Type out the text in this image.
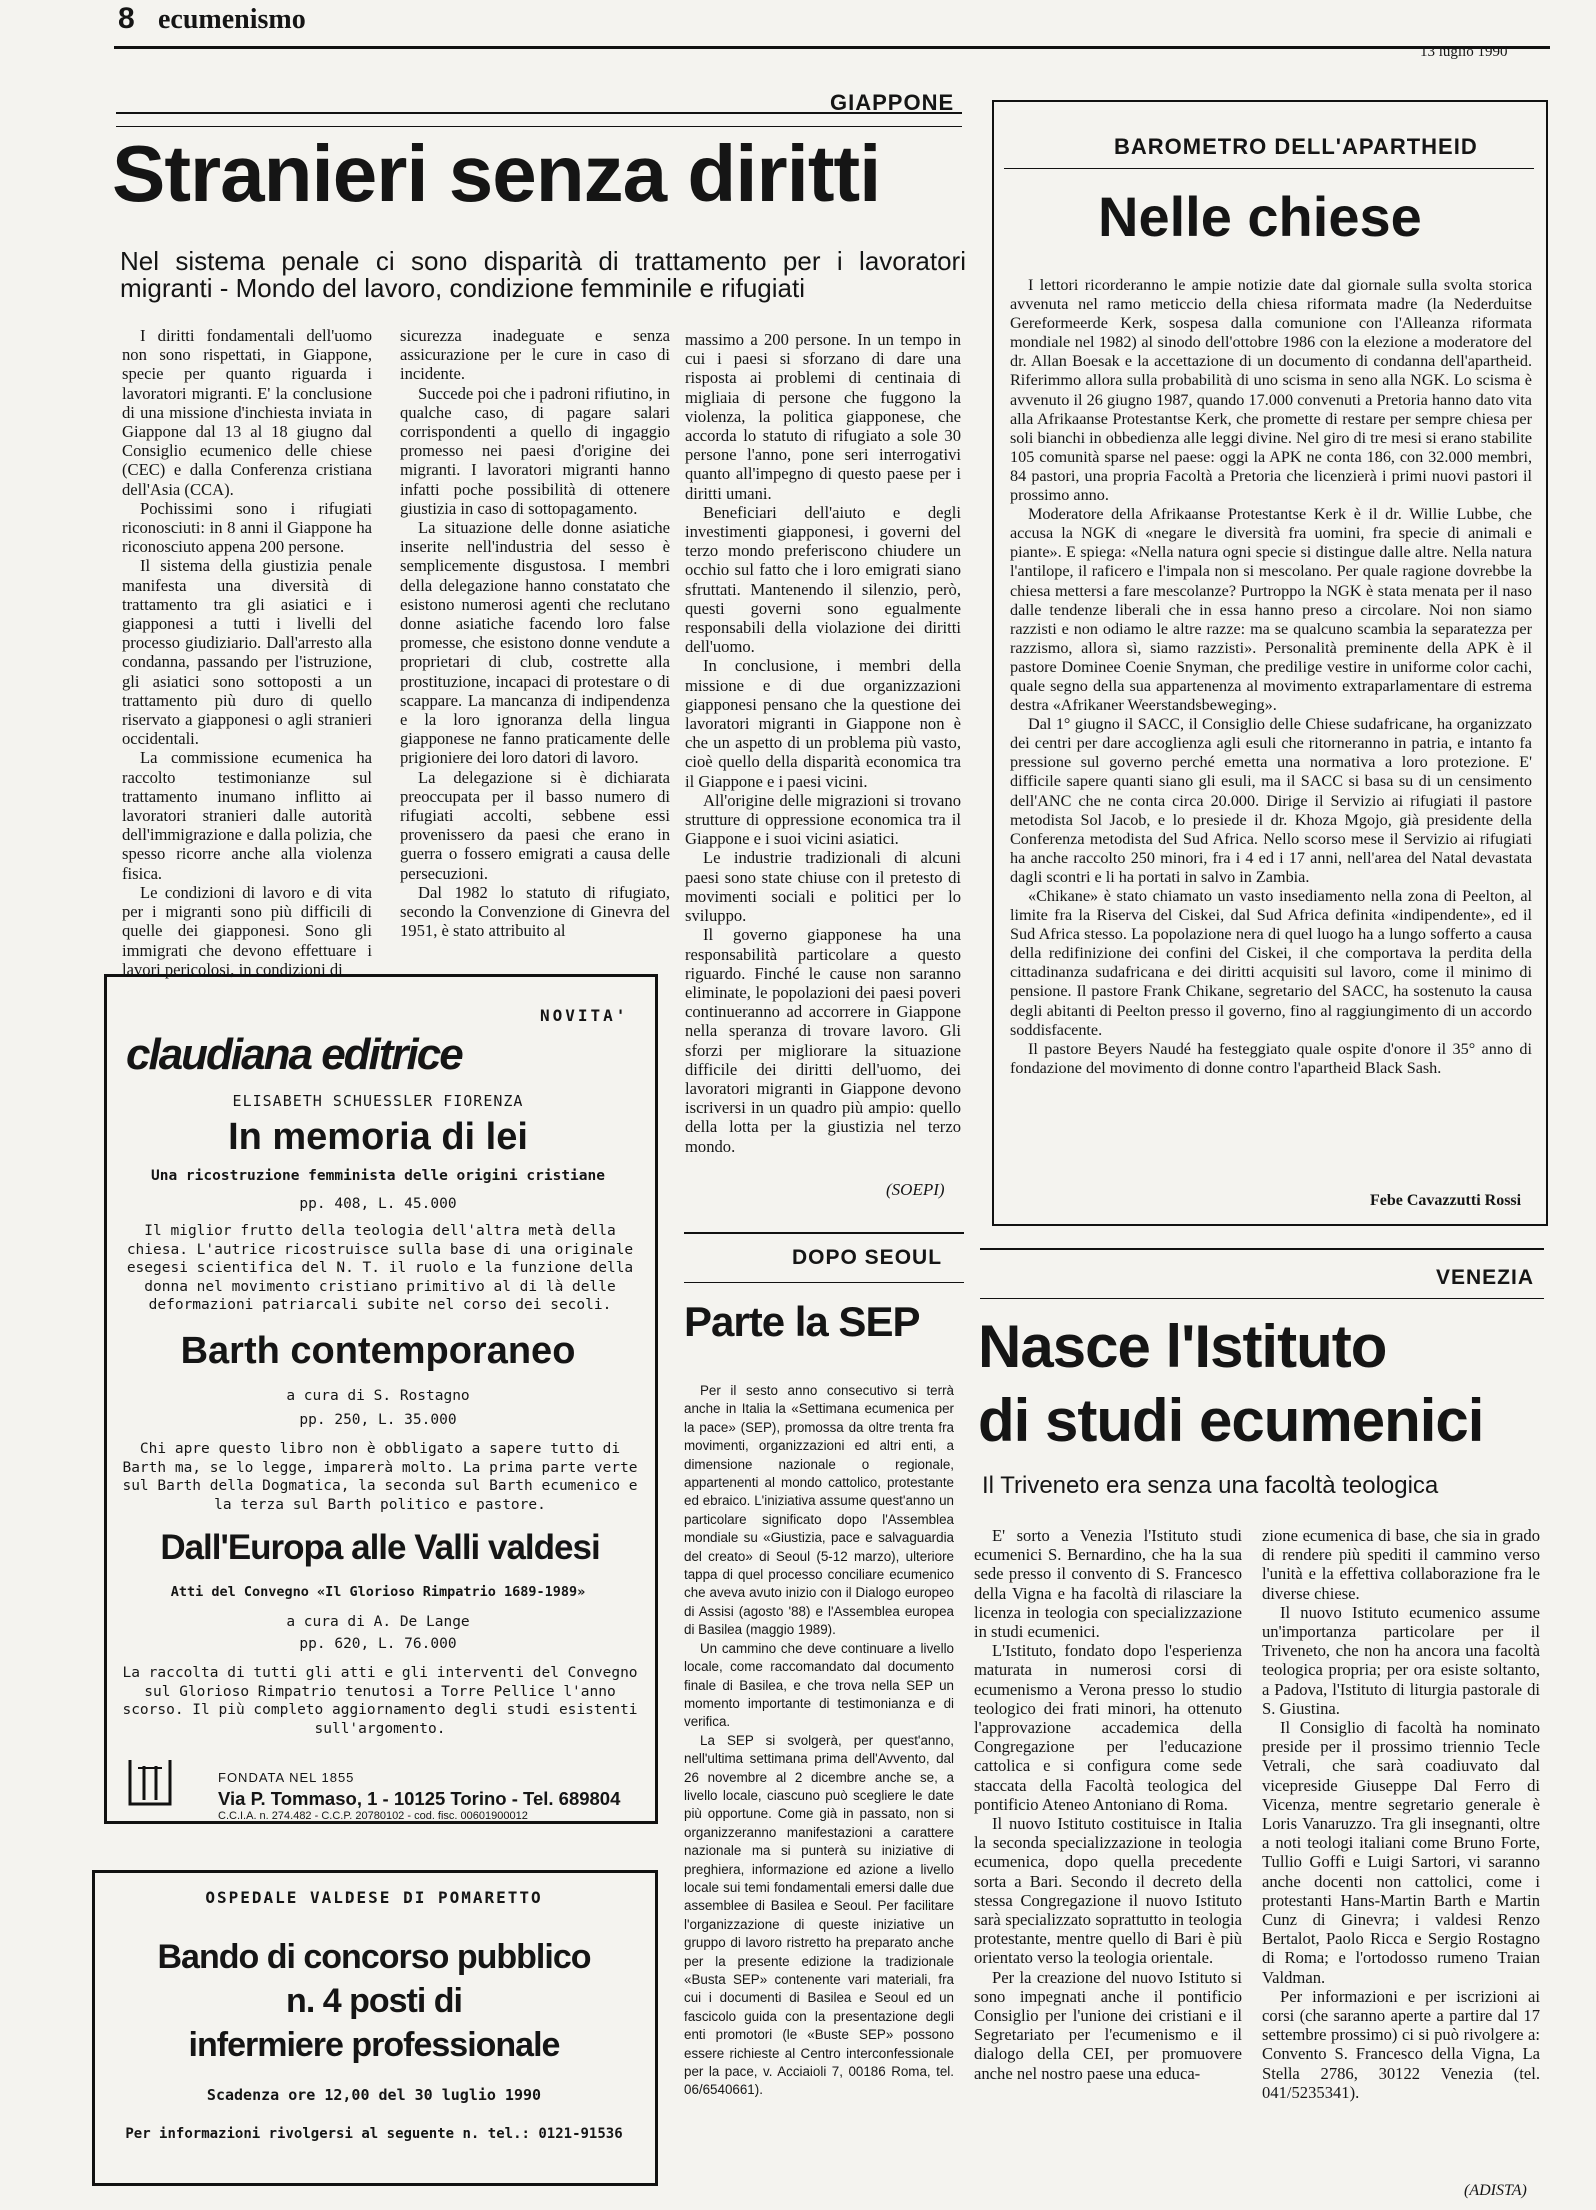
8 ecumenismo
13 luglio 1990
GIAPPONE
Stranieri senza diritti
Nel sistema penale ci sono disparità di trattamento per i lavoratori migranti - Mondo del lavoro, condizione femminile e rifugiati

I diritti fondamentali dell'uomo non sono rispettati, in Giappone, specie per quanto riguarda i lavoratori migranti. E' la conclusione di una missione d'inchiesta inviata in Giappone dal 13 al 18 giugno dal Consiglio ecumenico delle chiese (CEC) e dalla Conferenza cristiana dell'Asia (CCA).

Pochissimi sono i rifugiati riconosciuti: in 8 anni il Giappone ha riconosciuto appena 200 persone.

Il sistema della giustizia penale manifesta una diversità di trattamento tra gli asiatici e i giapponesi a tutti i livelli del processo giudiziario. Dall'arresto alla condanna, passando per l'istruzione, gli asiatici sono sottoposti a un trattamento più duro di quello riservato a giapponesi o agli stranieri occidentali.

La commissione ecumenica ha raccolto testimonianze sul trattamento inumano inflitto ai lavoratori stranieri dalle autorità dell'immigrazione e dalla polizia, che spesso ricorre anche alla violenza fisica.

Le condizioni di lavoro e di vita per i migranti sono più difficili di quelle dei giapponesi. Sono gli immigrati che devono effettuare i lavori pericolosi, in condizioni di

sicurezza inadeguate e senza assicurazione per le cure in caso di incidente.

Succede poi che i padroni rifiutino, in qualche caso, di pagare salari corrispondenti a quello di ingaggio promesso nei paesi d'origine dei migranti. I lavoratori migranti hanno infatti poche possibilità di ottenere giustizia in caso di sottopagamento.

La situazione delle donne asiatiche inserite nell'industria del sesso è semplicemente disgustosa. I membri della delegazione hanno constatato che esistono numerosi agenti che reclutano donne asiatiche facendo loro false promesse, che esistono donne vendute a proprietari di club, costrette alla prostituzione, incapaci di protestare o di scappare. La mancanza di indipendenza e la loro ignoranza della lingua giapponese ne fanno praticamente delle prigioniere dei loro datori di lavoro.

La delegazione si è dichiarata preoccupata per il basso numero di rifugiati accolti, sebbene essi provenissero da paesi che erano in guerra o fossero emigrati a causa delle persecuzioni.

Dal 1982 lo statuto di rifugiato, secondo la Convenzione di Ginevra del 1951, è stato attribuito al

massimo a 200 persone. In un tempo in cui i paesi si sforzano di dare una risposta ai problemi di centinaia di migliaia di persone che fuggono la violenza, la politica giapponese, che accorda lo statuto di rifugiato a sole 30 persone l'anno, pone seri interrogativi quanto all'impegno di questo paese per i diritti umani.

Beneficiari dell'aiuto e degli investimenti giapponesi, i governi del terzo mondo preferiscono chiudere un occhio sul fatto che i loro emigrati siano sfruttati. Mantenendo il silenzio, però, questi governi sono egualmente responsabili della violazione dei diritti dell'uomo.

In conclusione, i membri della missione e di due organizzazioni giapponesi pensano che la questione dei lavoratori migranti in Giappone non è che un aspetto di un problema più vasto, cioè quello della disparità economica tra il Giappone e i paesi vicini.

All'origine delle migrazioni si trovano strutture di oppressione economica tra il Giappone e i suoi vicini asiatici.

Le industrie tradizionali di alcuni paesi sono state chiuse con il pretesto di movimenti sociali e politici per lo sviluppo.

Il governo giapponese ha una responsabilità particolare a questo riguardo. Finché le cause non saranno eliminate, le popolazioni dei paesi poveri continueranno ad accorrere in Giappone nella speranza di trovare lavoro. Gli sforzi per migliorare la situazione difficile dei diritti dell'uomo, dei lavoratori migranti in Giappone devono iscriversi in un quadro più ampio: quello della lotta per la giustizia nel terzo mondo.

(SOEPI)
BAROMETRO DELL'APARTHEID
Nelle chiese

I lettori ricorderanno le ampie notizie date dal giornale sulla svolta storica avvenuta nel ramo meticcio della chiesa riformata madre (la Nederduitse Gereformeerde Kerk, sospesa dalla comunione con l'Alleanza riformata mondiale nel 1982) al sinodo dell'ottobre 1986 con la elezione a moderatore del dr. Allan Boesak e la accettazione di un documento di condanna dell'apartheid. Riferimmo allora sulla probabilità di uno scisma in seno alla NGK. Lo scisma è avvenuto il 26 giugno 1987, quando 17.000 convenuti a Pretoria hanno dato vita alla Afrikaanse Protestantse Kerk, che promette di restare per sempre chiesa per soli bianchi in obbedienza alle leggi divine. Nel giro di tre mesi si erano stabilite 105 comunità sparse nel paese: oggi la APK ne conta 186, con 32.000 membri, 84 pastori, una propria Facoltà a Pretoria che licenzierà i primi nuovi pastori il prossimo anno.

Moderatore della Afrikaanse Protestantse Kerk è il dr. Willie Lubbe, che accusa la NGK di «negare le diversità fra uomini, fra specie di animali e piante». E spiega: «Nella natura ogni specie si distingue dalle altre. Nella natura l'antilope, il raficero e l'impala non si mescolano. Per quale ragione dovrebbe la chiesa mettersi a fare mescolanze? Purtroppo la NGK è stata menata per il naso dalle tendenze liberali che in essa hanno preso a circolare. Noi non siamo razzisti e non odiamo le altre razze: ma se qualcuno scambia la separatezza per razzismo, allora sì, siamo razzisti». Personalità preminente della APK è il pastore Dominee Coenie Snyman, che predilige vestire in uniforme color cachi, quale segno della sua appartenenza al movimento extraparlamentare di estrema destra «Afrikaner Weerstandsbeweging».

Dal 1° giugno il SACC, il Consiglio delle Chiese sudafricane, ha organizzato dei centri per dare accoglienza agli esuli che ritorneranno in patria, e intanto fa pressione sul governo perché emetta una normativa a loro protezione. E' difficile sapere quanti siano gli esuli, ma il SACC si basa su di un censimento dell'ANC che ne conta circa 20.000. Dirige il Servizio ai rifugiati il pastore metodista Sol Jacob, e lo presiede il dr. Khoza Mgojo, già presidente della Conferenza metodista del Sud Africa. Nello scorso mese il Servizio ai rifugiati ha anche raccolto 250 minori, fra i 4 ed i 17 anni, nell'area del Natal devastata dagli scontri e li ha portati in salvo in Zambia.

«Chikane» è stato chiamato un vasto insediamento nella zona di Peelton, al limite fra la Riserva del Ciskei, dal Sud Africa definita «indipendente», ed il Sud Africa stesso. La popolazione nera di quel luogo ha a lungo sofferto a causa della redifinizione dei confini del Ciskei, il che comportava la perdita della cittadinanza sudafricana e dei diritti acquisiti sul lavoro, come il minimo di pensione. Il pastore Frank Chikane, segretario del SACC, ha sostenuto la causa degli abitanti di Peelton presso il governo, fino al raggiungimento di un accordo soddisfacente.

Il pastore Beyers Naudé ha festeggiato quale ospite d'onore il 35° anno di fondazione del movimento di donne contro l'apartheid Black Sash.

Febe Cavazzutti Rossi
NOVITA'
claudiana editrice
ELISABETH SCHUESSLER FIORENZA
In memoria di lei
Una ricostruzione femminista delle origini cristiane
pp. 408, L. 45.000
Il miglior frutto della teologia dell'altra metà della chiesa. L'autrice ricostruisce sulla base di una originale esegesi scientifica del N. T. il ruolo e la funzione della donna nel movimento cristiano primitivo al di là delle deformazioni patriarcali subite nel corso dei secoli.
Barth contemporaneo
a cura di S. Rostagno
pp. 250, L. 35.000
Chi apre questo libro non è obbligato a sapere tutto di Barth ma, se lo legge, imparerà molto. La prima parte verte sul Barth della Dogmatica, la seconda sul Barth ecumenico e la terza sul Barth politico e pastore.
Dall'Europa alle Valli valdesi
Atti del Convegno «Il Glorioso Rimpatrio 1689-1989»
a cura di A. De Lange
pp. 620, L. 76.000
La raccolta di tutti gli atti e gli interventi del Convegno sul Glorioso Rimpatrio tenutosi a Torre Pellice l'anno scorso. Il più completo aggiornamento degli studi esistenti sull'argomento.
FONDATA NEL 1855
Via P. Tommaso, 1 - 10125 Torino - Tel. 689804
C.C.I.A. n. 274.482 - C.C.P. 20780102 - cod. fisc. 00601900012
OSPEDALE VALDESE DI POMARETTO
Bando di concorso pubblico
n. 4 posti di
infermiere professionale
Scadenza ore 12,00 del 30 luglio 1990
Per informazioni rivolgersi al seguente n. tel.: 0121-91536
DOPO SEOUL
Parte la SEP

Per il sesto anno consecutivo si terrà anche in Italia la «Settimana ecumenica per la pace» (SEP), promossa da oltre trenta fra movimenti, organizzazioni ed altri enti, a dimensione nazionale o regionale, appartenenti al mondo cattolico, protestante ed ebraico. L'iniziativa assume quest'anno un particolare significato dopo l'Assemblea mondiale su «Giustizia, pace e salvaguardia del creato» di Seoul (5-12 marzo), ulteriore tappa di quel processo conciliare ecumenico che aveva avuto inizio con il Dialogo europeo di Assisi (agosto '88) e l'Assemblea europea di Basilea (maggio 1989).

Un cammino che deve continuare a livello locale, come raccomandato dal documento finale di Basilea, e che trova nella SEP un momento importante di testimonianza e di verifica.

La SEP si svolgerà, per quest'anno, nell'ultima settimana prima dell'Avvento, dal 26 novembre al 2 dicembre anche se, a livello locale, ciascuno può scegliere le date più opportune. Come già in passato, non si organizzeranno manifestazioni a carattere nazionale ma si punterà su iniziative di preghiera, informazione ed azione a livello locale sui temi fondamentali emersi dalle due assemblee di Basilea e Seoul. Per facilitare l'organizzazione di queste iniziative un gruppo di lavoro ristretto ha preparato anche per la presente edizione la tradizionale «Busta SEP» contenente vari materiali, fra cui i documenti di Basilea e Seoul ed un fascicolo guida con la presentazione degli enti promotori (le «Buste SEP» possono essere richieste al Centro interconfessionale per la pace, v. Acciaioli 7, 00186 Roma, tel. 06/6540661).

VENEZIA
Nasce l'Istituto
di studi ecumenici
Il Triveneto era senza una facoltà teologica

E' sorto a Venezia l'Istituto studi ecumenici S. Bernardino, che ha la sua sede presso il convento di S. Francesco della Vigna e ha facoltà di rilasciare la licenza in teologia con specializzazione in studi ecumenici.

L'Istituto, fondato dopo l'esperienza maturata in numerosi corsi di ecumenismo a Verona presso lo studio teologico dei frati minori, ha ottenuto l'approvazione accademica della Congregazione per l'educazione cattolica e si configura come sede staccata della Facoltà teologica del pontificio Ateneo Antoniano di Roma.

Il nuovo Istituto costituisce in Italia la seconda specializzazione in teologia ecumenica, dopo quella precedente sorta a Bari. Secondo il decreto della stessa Congregazione il nuovo Istituto sarà specializzato soprattutto in teologia protestante, mentre quello di Bari è più orientato verso la teologia orientale.

Per la creazione del nuovo Istituto si sono impegnati anche il pontificio Consiglio per l'unione dei cristiani e il Segretariato per l'ecumenismo e il dialogo della CEI, per promuovere anche nel nostro paese una educa-

zione ecumenica di base, che sia in grado di rendere più spediti il cammino verso l'unità e la effettiva collaborazione fra le diverse chiese.

Il nuovo Istituto ecumenico assume un'importanza particolare per il Triveneto, che non ha ancora una facoltà teologica propria; per ora esiste soltanto, a Padova, l'Istituto di liturgia pastorale di S. Giustina.

Il Consiglio di facoltà ha nominato preside per il prossimo triennio Tecle Vetrali, che sarà coadiuvato dal vicepreside Giuseppe Dal Ferro di Vicenza, mentre segretario generale è Loris Vanaruzzo. Tra gli insegnanti, oltre a noti teologi italiani come Bruno Forte, Tullio Goffi e Luigi Sartori, vi saranno anche docenti non cattolici, come i protestanti Hans-Martin Barth e Martin Cunz di Ginevra; i valdesi Renzo Bertalot, Paolo Ricca e Sergio Rostagno di Roma; e l'ortodosso rumeno Traian Valdman.

Per informazioni e per iscrizioni ai corsi (che saranno aperte a partire dal 17 settembre prossimo) ci si può rivolgere a: Convento S. Francesco della Vigna, La Stella 2786, 30122 Venezia (tel. 041/5235341).

(ADISTA)
